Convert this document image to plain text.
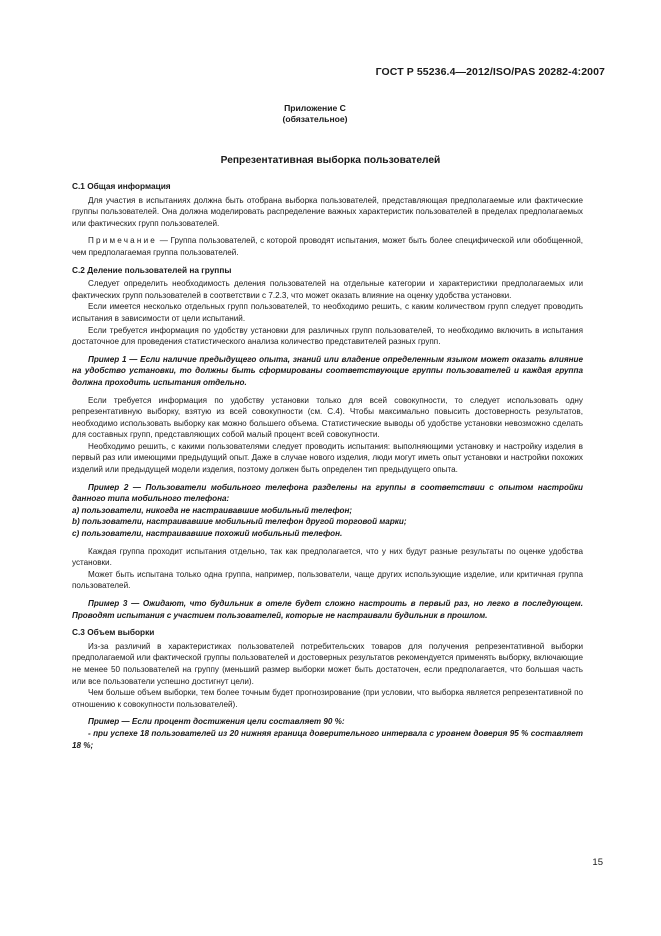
ГОСТ Р 55236.4—2012/ISO/PAS 20282-4:2007
Приложение С
(обязательное)
Репрезентативная выборка пользователей
С.1 Общая информация

Для участия в испытаниях должна быть отобрана выборка пользователей, представляющая предполагаемые или фактические группы пользователей. Она должна моделировать распределение важных характеристик пользователей в пределах предполагаемых или фактических групп пользователей.

Примечание — Группа пользователей, с которой проводят испытания, может быть более специфической или обобщенной, чем предполагаемая группа пользователей.

С.2 Деление пользователей на группы

Следует определить необходимость деления пользователей на отдельные категории и характеристики предполагаемых или фактических групп пользователей в соответствии с 7.2.3, что может оказать влияние на оценку удобства установки.

Если имеется несколько отдельных групп пользователей, то необходимо решить, с каким количеством групп следует проводить испытания в зависимости от цели испытаний.

Если требуется информация по удобству установки для различных групп пользователей, то необходимо включить в испытания достаточное для проведения статистического анализа количество представителей разных групп.

Пример 1 — Если наличие предыдущего опыта, знаний или владение определенным языком может оказать влияние на удобство установки, то должны быть сформированы соответствующие группы пользователей и каждая группа должна проходить испытания отдельно.

Если требуется информация по удобству установки только для всей совокупности, то следует использовать одну репрезентативную выборку, взятую из всей совокупности (см. С.4). Чтобы максимально повысить достоверность результатов, необходимо использовать выборку как можно большего объема. Статистические выводы об удобстве установки невозможно сделать для составных групп, представляющих собой малый процент всей совокупности.

Необходимо решить, с какими пользователями следует проводить испытания: выполняющими установку и настройку изделия в первый раз или имеющими предыдущий опыт. Даже в случае нового изделия, люди могут иметь опыт установки и настройки похожих изделий или предыдущей модели изделия, поэтому должен быть определен тип предыдущего опыта.

Пример 2 — Пользователи мобильного телефона разделены на группы в соответствии с опытом настройки данного типа мобильного телефона:

а) пользователи, никогда не настраивавшие мобильный телефон;

b) пользователи, настраивавшие мобильный телефон другой торговой марки;

с) пользователи, настраивавшие похожий мобильный телефон.

Каждая группа проходит испытания отдельно, так как предполагается, что у них будут разные результаты по оценке удобства установки.

Может быть испытана только одна группа, например, пользователи, чаще других использующие изделие, или критичная группа пользователей.

Пример 3 — Ожидают, что будильник в отеле будет сложно настроить в первый раз, но легко в последующем. Проводят испытания с участием пользователей, которые не настраивали будильник в прошлом.

С.3 Объем выборки

Из-за различий в характеристиках пользователей потребительских товаров для получения репрезентативной выборки предполагаемой или фактической группы пользователей и достоверных результатов рекомендуется применять выборку, включающие не менее 50 пользователей на группу (меньший размер выборки может быть достаточен, если предполагается, что большая часть или все пользователи успешно достигнут цели).

Чем больше объем выборки, тем более точным будет прогнозирование (при условии, что выборка является репрезентативной по отношению к совокупности пользователей).

Пример — Если процент достижения цели составляет 90 %:

- при успехе 18 пользователей из 20 нижняя граница доверительного интервала с уровнем доверия 95 % составляет 18 %;

15
